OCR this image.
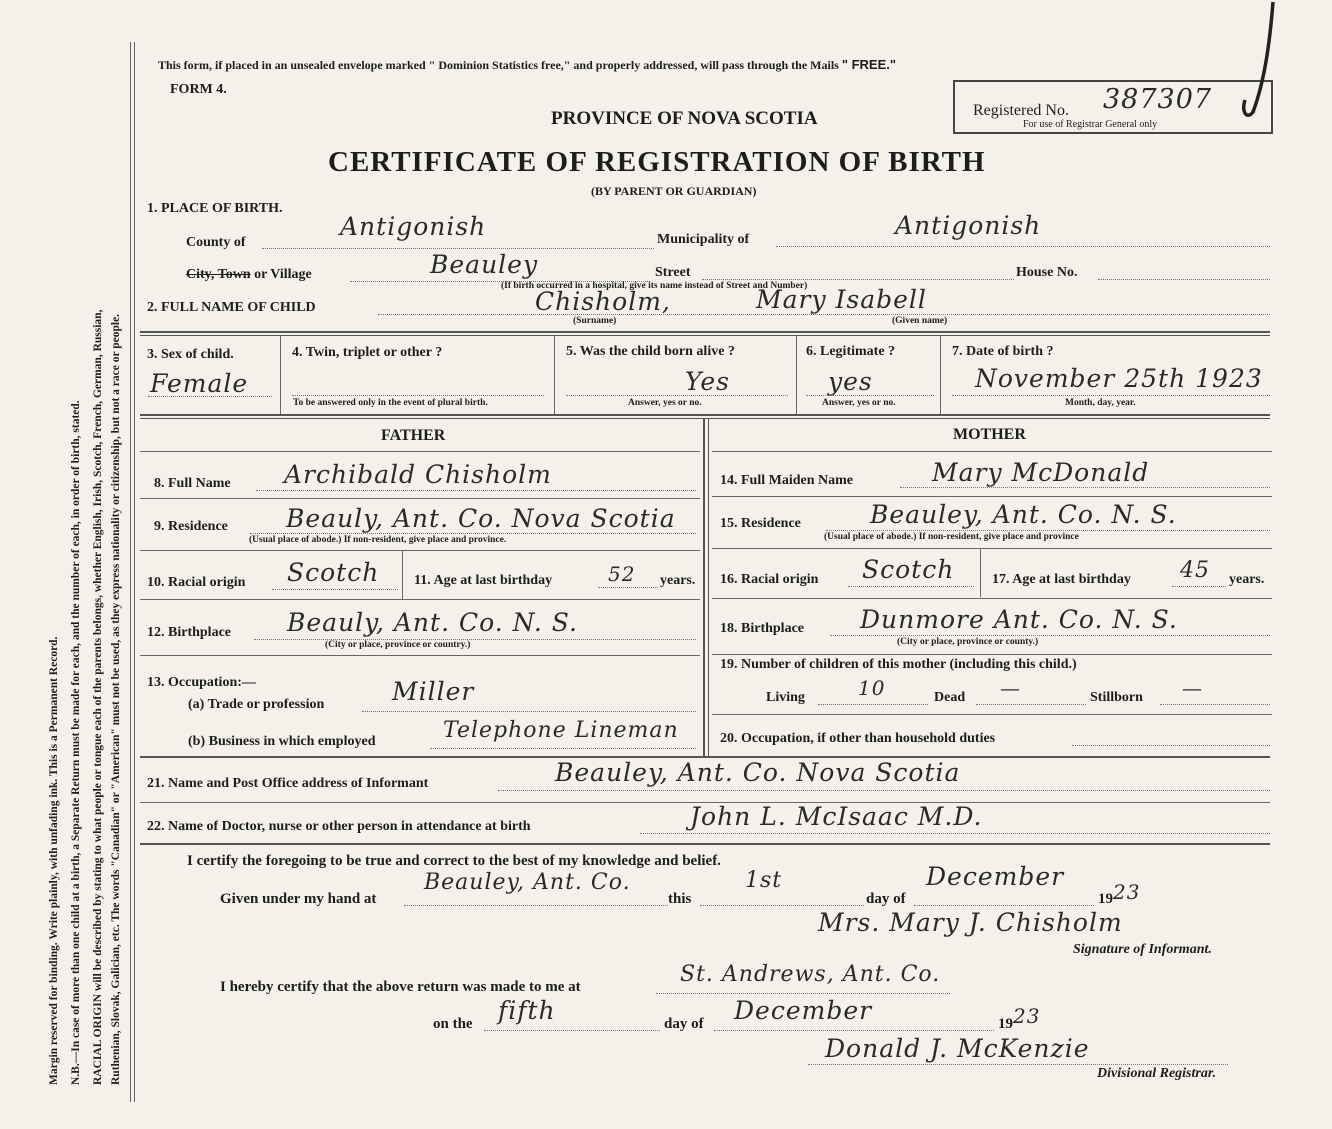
Margin reserved for binding. Write plainly, with unfading ink. This is a Permanent Record. N.B.—In case of more than one child at a birth, a Separate Return must be made for each, and the number of each, in order of birth, stated. RACIAL ORIGIN will be described by stating to what people or tongue each of the parents belongs, whether English, Irish, Scotch, French, German, Russian, Ruthenian, Slovak, Galician, etc. The words "Canadian" or "American" must not be used, as they express nationality or citizenship, but not a race or people.
This form, if placed in an unsealed envelope marked " Dominion Statistics free," and properly addressed, will pass through the Mails " FREE."
FORM 4.
PROVINCE OF NOVA SCOTIA
CERTIFICATE OF REGISTRATION OF BIRTH
(BY PARENT OR GUARDIAN)
Registered No. 387307
For use of Registrar General only
1. PLACE OF BIRTH.
County of
Antigonish	Municipality of	Antigonish
City, Town or Village	Beauley	Street	House No.
(If birth occurred in a hospital, give its name instead of Street and Number)
2. FULL NAME OF CHILD	Chisholm,	Mary Isabell
(Surname)	(Given name)
3. Sex of child.
Female
4. Twin, triplet or other ?
To be answered only in the event of plural birth.
5. Was the child born alive ?
Yes
Answer, yes or no.
6. Legitimate ?
yes
Answer, yes or no.
7. Date of birth ?
November 25th 1923
Month, day, year.
FATHER	MOTHER
8. Full Name Archibald Chisholm
9. Residence Beauly, Ant. Co. Nova Scotia
(Usual place of abode.) If non-resident, give place and province.
10. Racial origin Scotch 11. Age at last birthday	52 years.
12. Birthplace Beauly, Ant. Co. N. S.
(City or place, province or country.)
13. Occupation:—
(a) Trade or profession	Miller
(b) Business in which employed	Telephone Lineman
14. Full Maiden Name	Mary McDonald
15. Residence	Beauley, Ant. Co. N. S.
(Usual place of abode.) If non-resident, give place and province
16. Racial origin Scotch	17. Age at last birthday 45 years.
18. Birthplace Dunmore Ant. Co. N. S.
(City or place, province or county.)
19. Number of children of this mother (including this child.)
Living	10	Dead —	Stillborn —
20. Occupation, if other than household duties
21. Name and Post Office address of Informant	Beauley, Ant. Co. Nova Scotia
22. Name of Doctor, nurse or other person in attendance at birth	John L. McIsaac M.D.
I certify the foregoing to be true and correct to the best of my knowledge and belief.
Given under my hand at
Beauley, Ant. Co.
this
1st
day of
December
19 23
Mrs. Mary J. Chisholm
Signature of Informant.
I hereby certify that the above return was made to me at	St. Andrews, Ant. Co.
on the fifth	day of December	19 23
Donald J. McKenzie
Divisional Registrar.
